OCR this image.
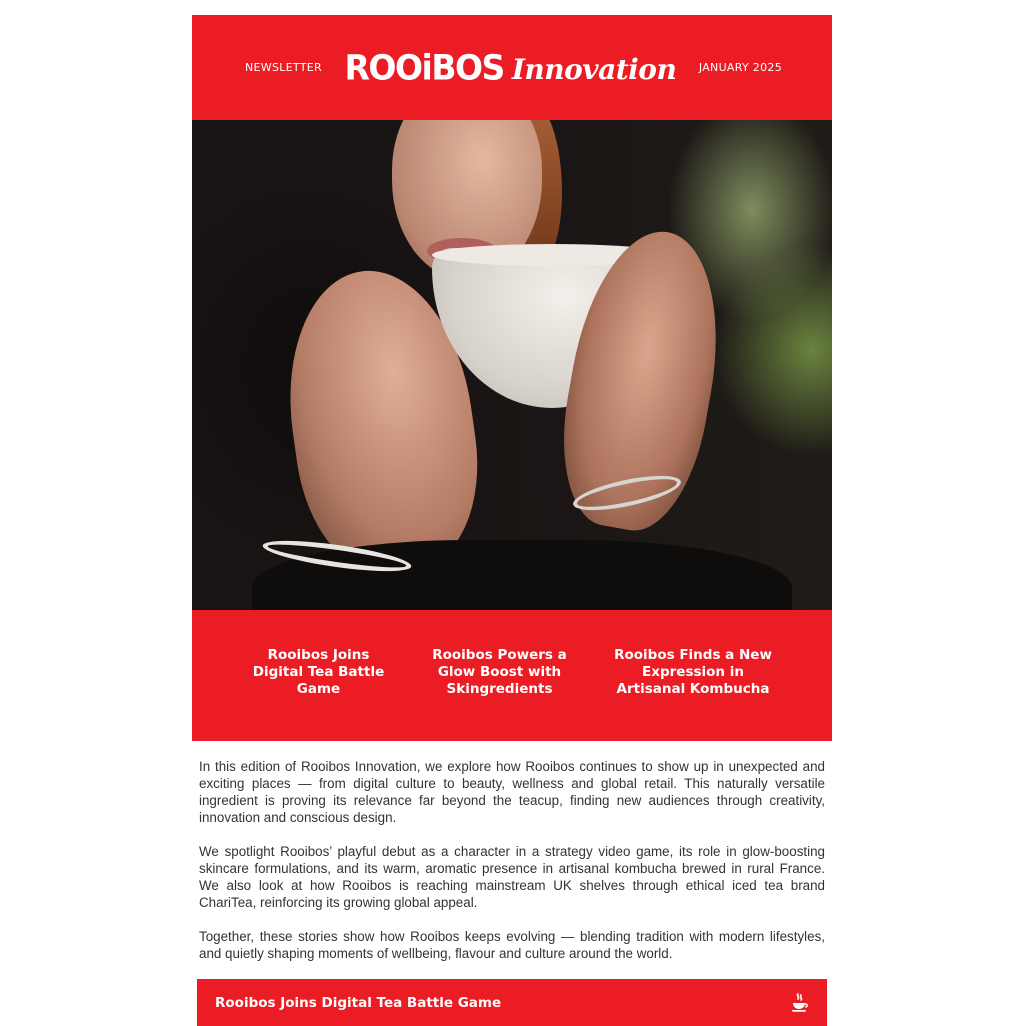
NEWSLETTER ROOiBOS Innovation JANUARY 2025
Rooibos Joins Digital Tea Battle Game
Rooibos Powers a Glow Boost with Skingredients
Rooibos Finds a New Expression in Artisanal Kombucha

In this edition of Rooibos Innovation, we explore how Rooibos continues to show up in unexpected and exciting places — from digital culture to beauty, wellness and global retail. This naturally versatile ingredient is proving its relevance far beyond the teacup, finding new audiences through creativity, innovation and conscious design.

We spotlight Rooibos’ playful debut as a character in a strategy video game, its role in glow-boosting skincare formulations, and its warm, aromatic presence in artisanal kombucha brewed in rural France. We also look at how Rooibos is reaching mainstream UK shelves through ethical iced tea brand ChariTea, reinforcing its growing global appeal.

Together, these stories show how Rooibos keeps evolving — blending tradition with modern lifestyles, and quietly shaping moments of wellbeing, flavour and culture around the world.

Rooibos Joins Digital Tea Battle Game
